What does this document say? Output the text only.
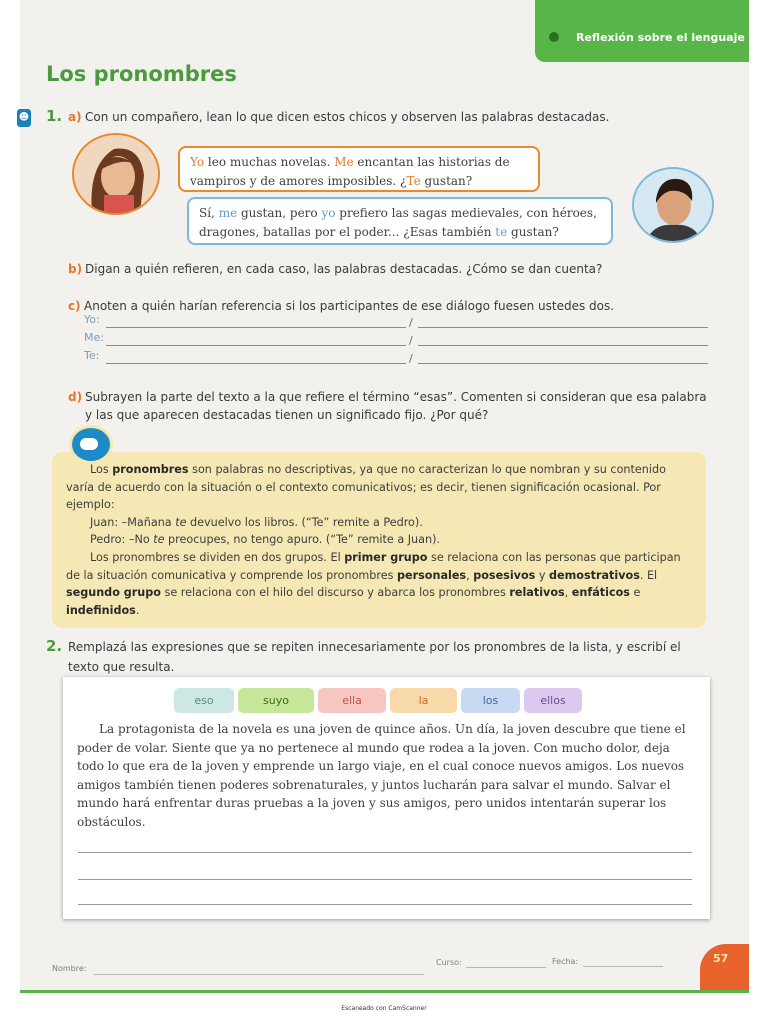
Reflexión sobre el lenguaje
Los pronombres
☻ 1. a) Con un compañero, lean lo que dicen estos chicos y observen las palabras destacadas.
Yo leo muchas novelas. Me encantan las historias de
vampiros y de amores imposibles. ¿Te gustan?
Sí, me gustan, pero yo prefiero las sagas medievales, con héroes,
dragones, batallas por el poder... ¿Esas también te gustan?
b) Digan a quién refieren, en cada caso, las palabras destacadas. ¿Cómo se dan cuenta?
c) Anoten a quién harían referencia si los participantes de ese diálogo fuesen ustedes dos.
Yo:	/
Me:	/
Te:	/
d) Subrayen la parte del texto a la que refiere el término “esas”. Comenten si consideran que esa palabra
y las que aparecen destacadas tienen un significado fijo. ¿Por qué?

Los pronombres son palabras no descriptivas, ya que no caracterizan lo que nombran y su contenido varía de acuerdo con la situación o el contexto comunicativos; es decir, tienen significación ocasional. Por ejemplo:

Juan: –Mañana te devuelvo los libros. (“Te” remite a Pedro).

Pedro: –No te preocupes, no tengo apuro. (“Te” remite a Juan).

Los pronombres se dividen en dos grupos. El primer grupo se relaciona con las personas que participan de la situación comunicativa y comprende los pronombres personales, posesivos y demostrativos. El segundo grupo se relaciona con el hilo del discurso y abarca los pronombres relativos, enfáticos e indefinidos.

2. Remplazá las expresiones que se repiten innecesariamente por los pronombres de la lista, y escribí el
texto que resulta.
eso	suyo	ella	la	los	ellos
La protagonista de la novela es una joven de quince años. Un día, la joven descubre que tiene el poder de volar. Siente que ya no pertenece al mundo que rodea a la joven. Con mucho dolor, deja todo lo que era de la joven y emprende un largo viaje, en el cual conoce nuevos amigos. Los nuevos amigos también tienen poderes sobrenaturales, y juntos lucharán para salvar el mundo. Salvar el mundo hará enfrentar duras pruebas a la joven y sus amigos, pero unidos intentarán superar los obstáculos.
Nombre:
Curso:	Fecha:	57
Escaneado con CamScanner
